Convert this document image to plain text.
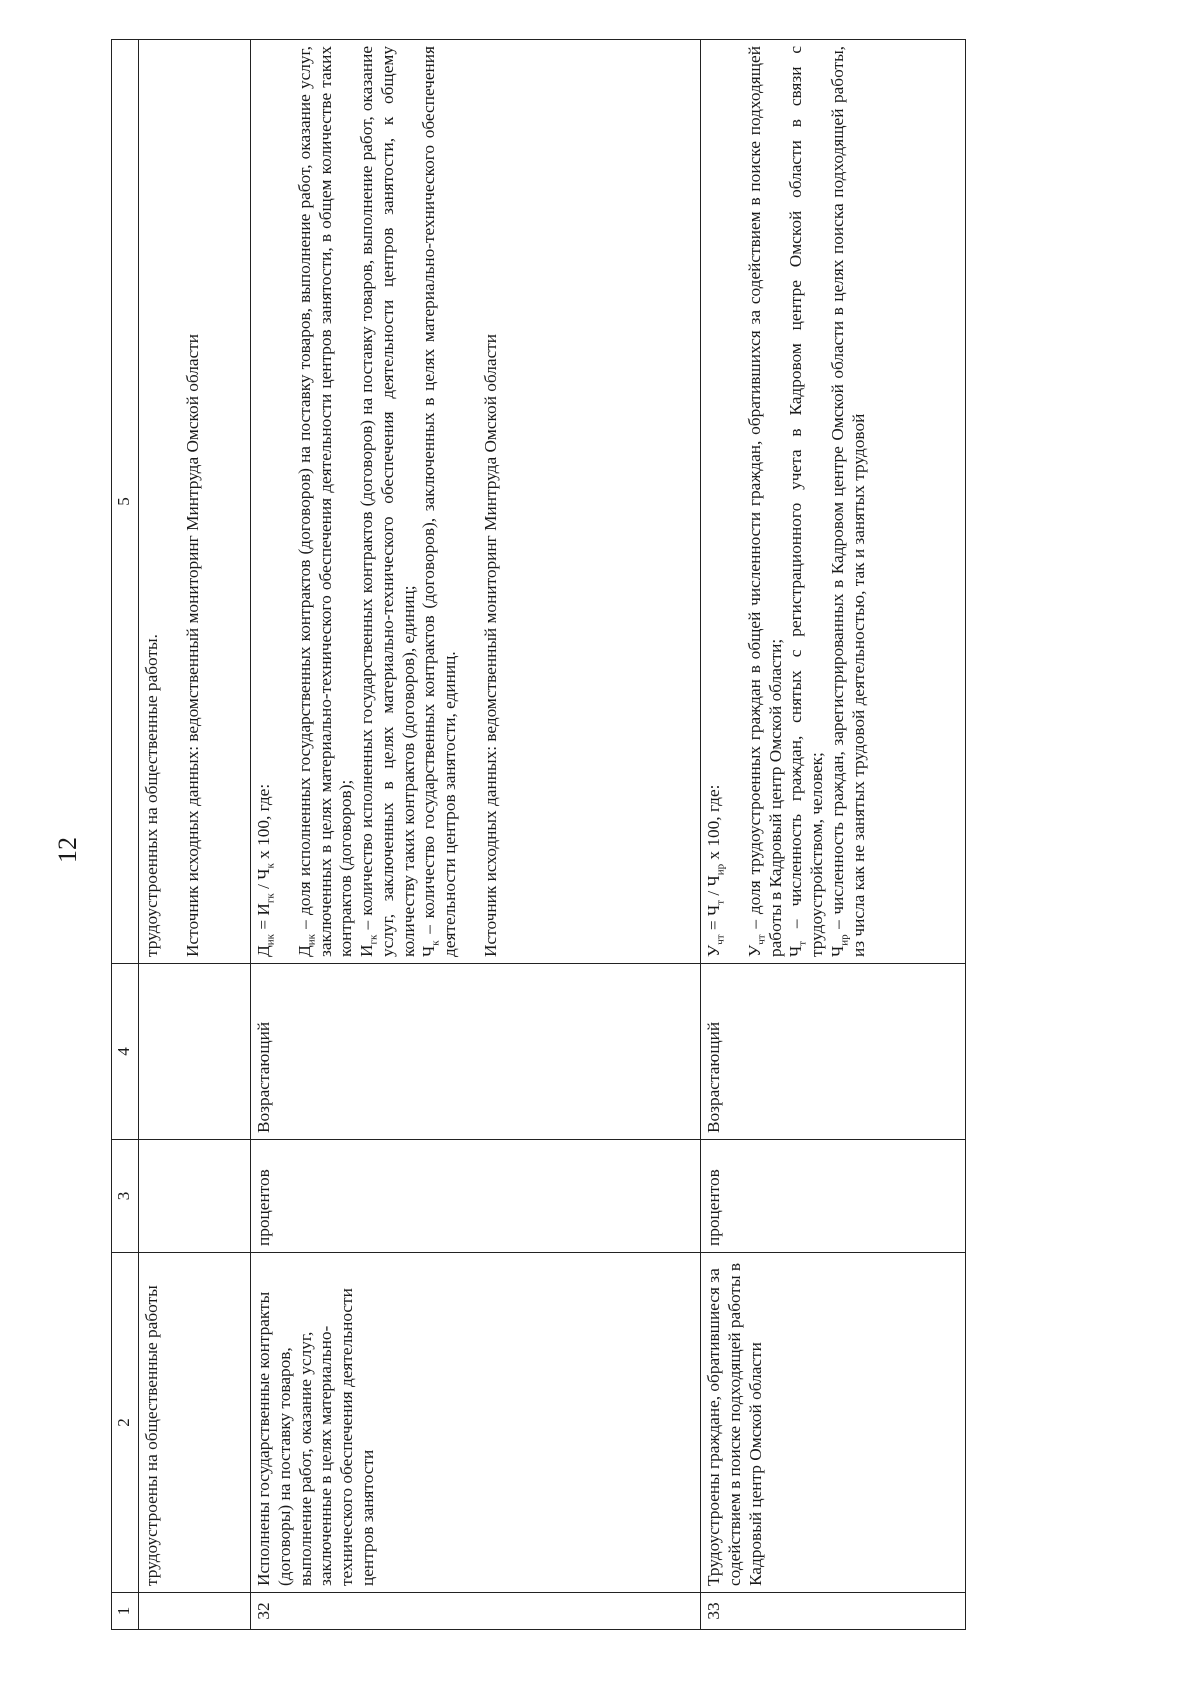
12
1	2	3	4	5
	трудоустроены на общественные работы			трудоустроенных на общественные работы. Источник исходных данных: ведомственный мониторинг Минтруда Омской области

32	Исполнены государственные контракты (договоры) на поставку товаров, выполнение работ, оказание услуг, заключенные в целях материально-технического обеспечения деятельности центров занятости	процентов	Возрастающий	$Д_{ик} = И_{гк} / Ч_к$ x 100, где:

$Д_{ик}$ – доля исполненных государственных контрактов (договоров) на поставку товаров, выполнение работ, оказание услуг, заключенных в целях материально-технического обеспечения деятельности центров занятости, в общем количестве таких контрактов (договоров); $И_{гк}$ – количество исполненных государственных контрактов (договоров) на поставку товаров, выполнение работ, оказание услуг, заключенных в целях материально-технического обеспечения деятельности центров занятости, к общему количеству таких контрактов (договоров), единиц; $Ч_к$ – количество государственных контрактов (договоров), заключенных в целях материально-технического обеспечения деятельности центров занятости, единиц. Источник исходных данных: ведомственный мониторинг Минтруда Омской области

33	Трудоустроены граждане, обратившиеся за содействием в поиске подходящей работы в Кадровый центр Омской области	процентов	Возрастающий	$У_{чт} = Ч_т / Ч_{ир}$ x 100, где:

$У_{чт}$ – доля трудоустроенных граждан в общей численности граждан, обратившихся за содействием в поиске подходящей работы в Кадровый центр Омской области; $Ч_т$ – численность граждан, снятых с регистрационного учета в Кадровом центре Омской области в связи с трудоустройством, человек; $Ч_{ир}$ – численность граждан, зарегистрированных в Кадровом центре Омской области в целях поиска подходящей работы, из числа как не занятых трудовой деятельностью, так и занятых трудовой
